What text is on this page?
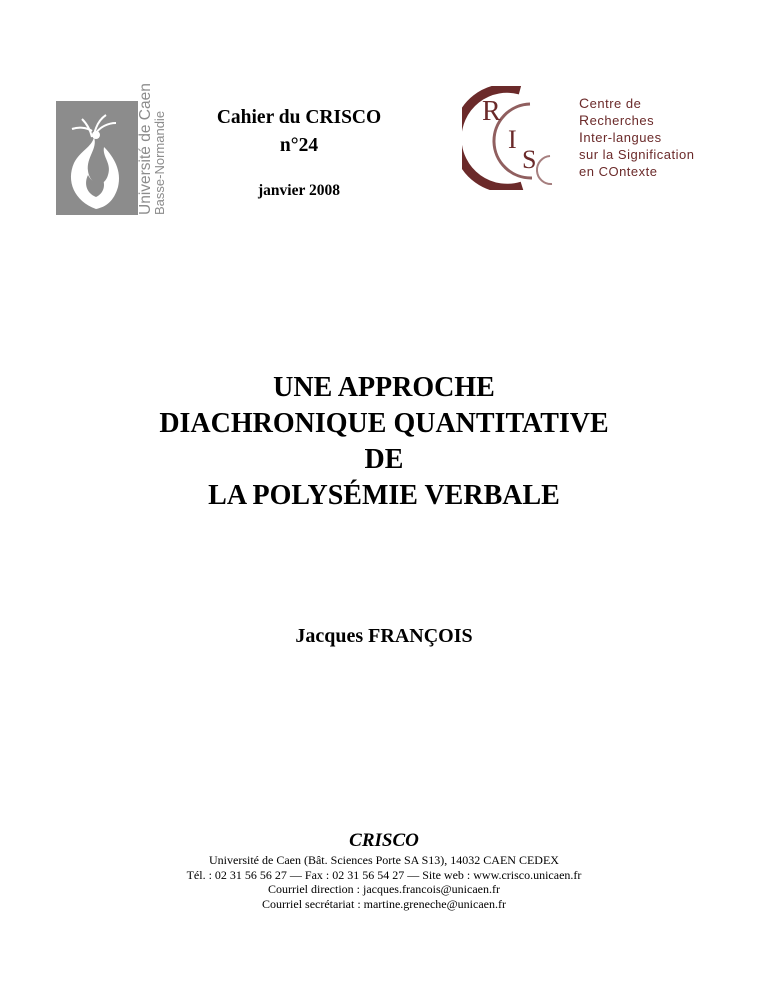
Université de Caen
Basse-Normandie	Cahier du CRISCO
n°24
janvier 2008
R
I
S
Centre de
Recherches
Inter-langues
sur la Signification
en COntexte
UNE APPROCHE
DIACHRONIQUE QUANTITATIVE
DE
LA POLYSÉMIE VERBALE
Jacques FRANÇOIS
CRISCO
Université de Caen (Bât. Sciences Porte SA S13), 14032 CAEN CEDEX
Tél. : 02 31 56 56 27 — Fax : 02 31 56 54 27 — Site web : www.crisco.unicaen.fr
Courriel direction : jacques.francois@unicaen.fr
Courriel secrétariat : martine.greneche@unicaen.fr
